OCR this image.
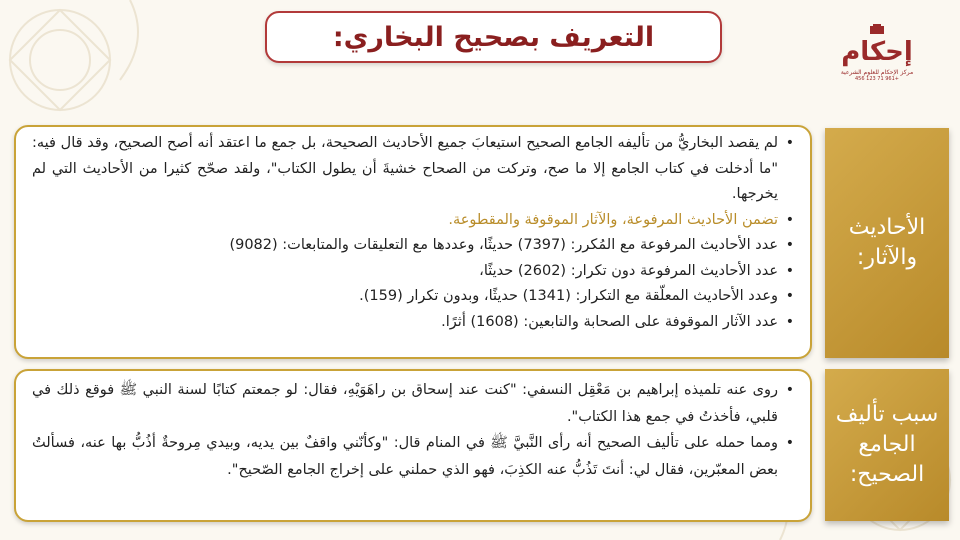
التعريف بصحيح البخاري:	إحكام
مركز الإحكام للعلوم الشرعية
+961 71 123 456
الأحاديث
والآثار:
• لم يقصد البخاريُّ من تأليفه الجامع الصحيح استيعابَ جميع الأحاديث الصحيحة، بل جمع ما اعتقد أنه أصح الصحيح، وقد قال فيه: "ما أدخلت في كتاب الجامع إلا ما صح، وتركت من الصحاح خشيةَ أن يطول الكتاب"، ولقد صحّح كثيرا من الأحاديث التي لم يخرجها.
• تضمن الأحاديث المرفوعة، والآثار الموقوفة والمقطوعة.
• عدد الأحاديث المرفوعة مع المُكرر: (7397) حديثًا، وعددها مع التعليقات والمتابعات: (9082)
• عدد الأحاديث المرفوعة دون تكرار: (2602) حديثًا،
• وعدد الأحاديث المعلّقة مع التكرار: (1341) حديثًا، وبدون تكرار (159).
• عدد الآثار الموقوفة على الصحابة والتابعين: (1608) أثرًا.
سبب تأليف
الجامع
الصحيح:
• روى عنه تلميذه إبراهيم بن مَعْقِل النسفي: "كنت عند إسحاق بن راهَوَيْهِ، فقال: لو جمعتم كتابًا لسنة النبي ﷺ فوقع ذلك في قلبي، فأخذتُ في جمع هذا الكتاب".
• ومما حمله على تأليف الصحيح أنه رأى النَّبيَّ ﷺ في المنام قال: "وكأنّني واقفٌ بين يديه، وبيدي مِروحةٌ أذُبُّ بها عنه، فسألتُ بعض المعبّرين، فقال لي: أنتَ تَذُبُّ عنه الكذِبَ، فهو الذي حملني على إخراج الجامع الصّحيح".
